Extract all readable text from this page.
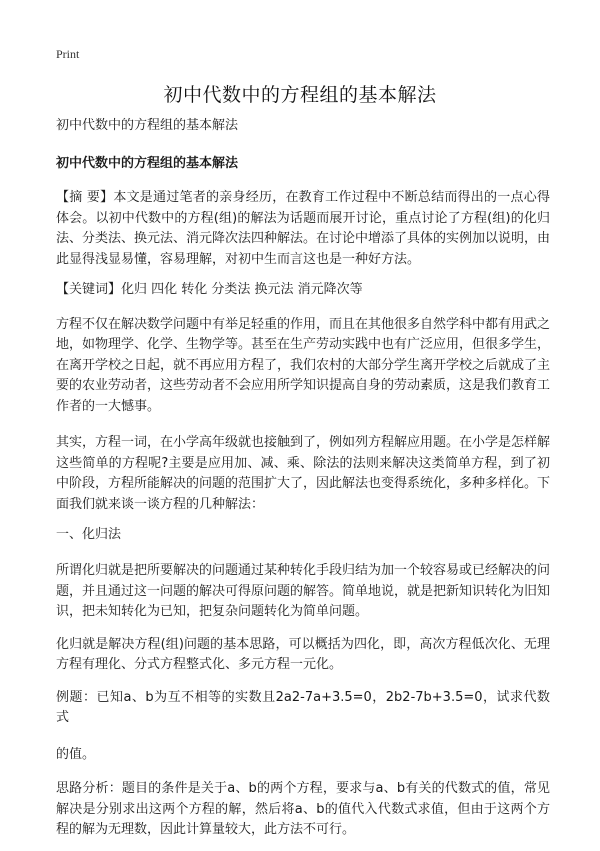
Print
初中代数中的方程组的基本解法
初中代数中的方程组的基本解法
初中代数中的方程组的基本解法

【摘 要】本文是通过笔者的亲身经历，在教育工作过程中不断总结而得出的一点心得体会。以初中代数中的方程(组)的解法为话题而展开讨论，重点讨论了方程(组)的化归法、分类法、换元法、消元降次法四种解法。在讨论中增添了具体的实例加以说明，由此显得浅显易懂，容易理解，对初中生而言这也是一种好方法。

【关键词】化归 四化 转化 分类法 换元法 消元降次等

方程不仅在解决数学问题中有举足轻重的作用，而且在其他很多自然学科中都有用武之地，如物理学、化学、生物学等。甚至在生产劳动实践中也有广泛应用，但很多学生，在离开学校之日起，就不再应用方程了，我们农村的大部分学生离开学校之后就成了主要的农业劳动者，这些劳动者不会应用所学知识提高自身的劳动素质，这是我们教育工作者的一大憾事。

其实，方程一词，在小学高年级就也接触到了，例如列方程解应用题。在小学是怎样解这些简单的方程呢?主要是应用加、减、乘、除法的法则来解决这类简单方程，到了初中阶段，方程所能解决的问题的范围扩大了，因此解法也变得系统化，多种多样化。下面我们就来谈一谈方程的几种解法：

一、化归法

所谓化归就是把所要解决的问题通过某种转化手段归结为加一个较容易或已经解决的问题，并且通过这一问题的解决可得原问题的解答。简单地说，就是把新知识转化为旧知识，把未知转化为已知，把复杂问题转化为简单问题。

化归就是解决方程(组)问题的基本思路，可以概括为四化，即，高次方程低次化、无理方程有理化、分式方程整式化、多元方程一元化。

例题：已知a、b为互不相等的实数且2a2-7a+3.5=0，2b2-7b+3.5=0，试求代数式

的值。

思路分析：题目的条件是关于a、b的两个方程，要求与a、b有关的代数式的值，常见解决是分别求出这两个方程的解，然后将a、b的值代入代数式求值，但由于这两个方程的解为无理数，因此计算量较大，此方法不可行。
